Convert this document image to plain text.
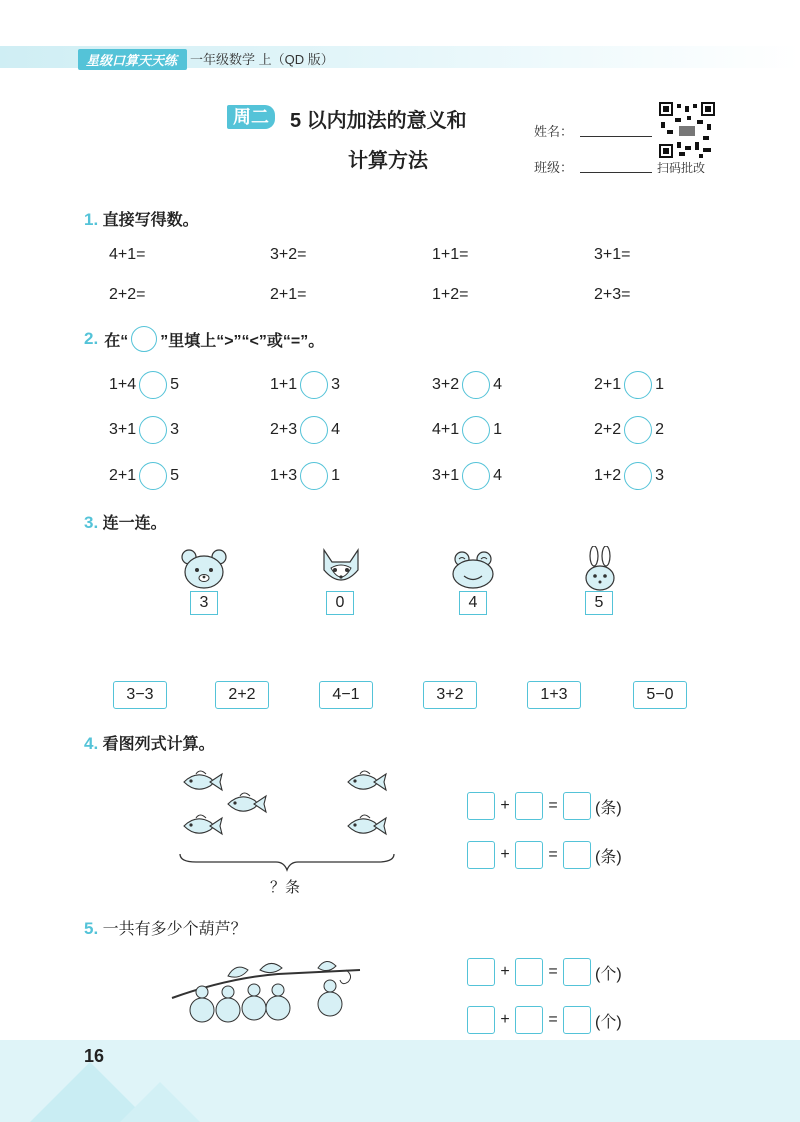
星级口算天天练 一年级数学 上（QD 版）
周二	5 以内加法的意义和
计算方法
姓名：
班级：	扫码批改
1. 直接写得数。
4+1=	3+2=	1+1=	3+1=
2+2=	2+1=	1+2=	2+3=
2. 在“ ”里填上“>”“<”或“=”。
1+4 5	1+1 3	3+2 4	2+1 1
3+1 3	2+3 4	4+1 1	2+2 2
2+1 5	1+3 1	3+1 4	1+2 3
3. 连一连。
3	0	4	5
3−3	2+2	4−1	3+2	1+3	5−0
4. 看图列式计算。
？条
+	=	(条)
+	=	(条)
5. 一共有多少个葫芦？
+	=	(个)
+	=	(个)
16
